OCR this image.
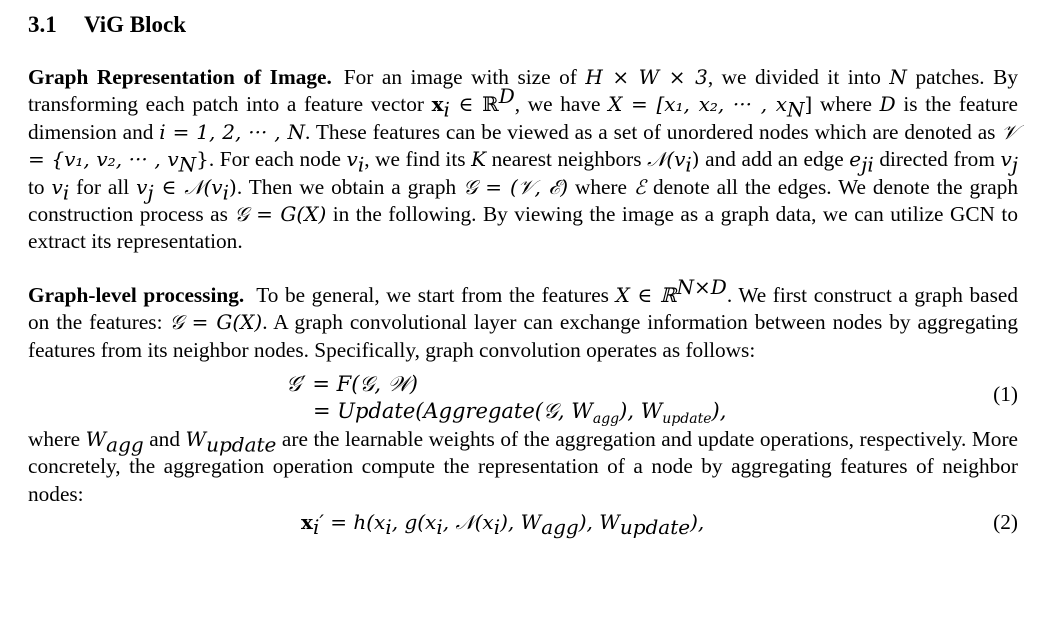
3.1 ViG Block

Graph Representation of Image. For an image with size of H × W × 3, we divided it into N patches. By transforming each patch into a feature vector $x_i$ ∈ ℝ$^D$, we have X = [x₁, x₂, ··· , $x_N$] where D is the feature dimension and i = 1, 2, ··· , N. These features can be viewed as a set of unordered nodes which are denoted as 𝒱 = {v₁, v₂, ··· , $v_N$}. For each node $v_i$, we find its K nearest neighbors $𝒩(v_i)$ and add an edge $e_{ji}$ directed from $v_j$ to $v_i$ for all $v_j$ ∈ $𝒩(v_i)$. Then we obtain a graph 𝒢 = (𝒱, ℰ) where ℰ denote all the edges. We denote the graph construction process as 𝒢 = G(X) in the following. By viewing the image as a graph data, we can utilize GCN to extract its representation.

Graph-level processing. To be general, we start from the features X ∈ ℝ$^{N\times D}$. We first construct a graph based on the features: 𝒢 = G(X). A graph convolutional layer can exchange information between nodes by aggregating features from its neighbor nodes. Specifically, graph convolution operates as follows:

𝒢′ = F(𝒢, 𝒲)
= Update(Aggregate(𝒢, $W_{agg}$), $W_{update}$),
(1)

where $W_{agg}$ and $W_{update}$ are the learnable weights of the aggregation and update operations, respectively. More concretely, the aggregation operation compute the representation of a node by aggregating features of neighbor nodes:

$x_i' = h(x_i$, $g(x_i$, $𝒩(x_i)$, $W_{agg}$), $W_{update}$),	(2)
